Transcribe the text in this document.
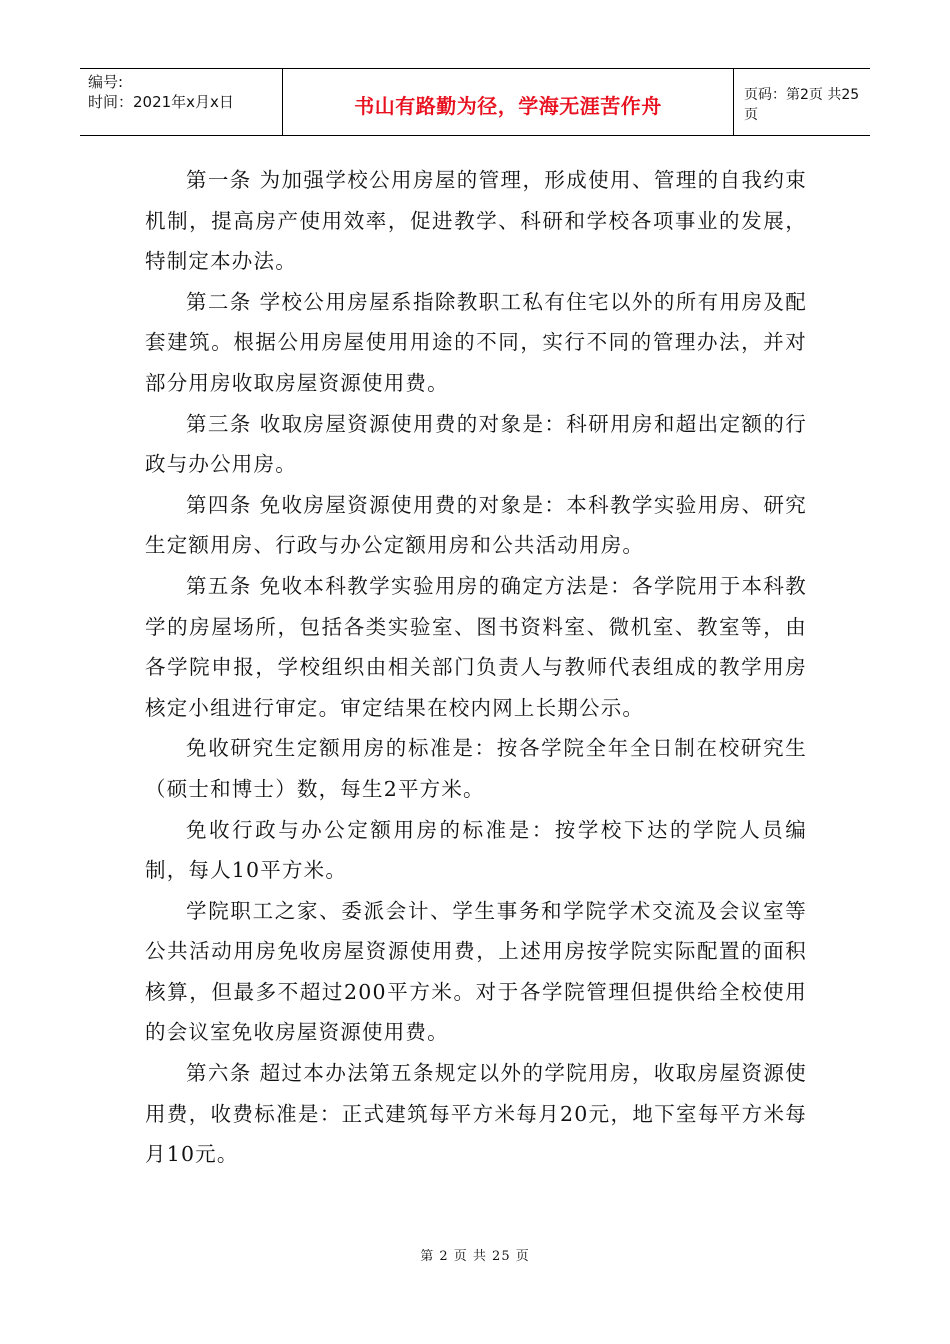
编号:
时间：2021年x月x日	书山有路勤为径，学海无涯苦作舟	页码：第2页 共25页

第一条 为加强学校公用房屋的管理，形成使用、管理的自我约束机制，提高房产使用效率，促进教学、科研和学校各项事业的发展，特制定本办法。

第二条 学校公用房屋系指除教职工私有住宅以外的所有用房及配套建筑。根据公用房屋使用用途的不同，实行不同的管理办法，并对部分用房收取房屋资源使用费。

第三条 收取房屋资源使用费的对象是：科研用房和超出定额的行政与办公用房。

第四条 免收房屋资源使用费的对象是：本科教学实验用房、研究生定额用房、行政与办公定额用房和公共活动用房。

第五条 免收本科教学实验用房的确定方法是：各学院用于本科教学的房屋场所，包括各类实验室、图书资料室、微机室、教室等，由各学院申报，学校组织由相关部门负责人与教师代表组成的教学用房核定小组进行审定。审定结果在校内网上长期公示。

免收研究生定额用房的标准是：按各学院全年全日制在校研究生（硕士和博士）数，每生2平方米。

免收行政与办公定额用房的标准是：按学校下达的学院人员编制，每人10平方米。

学院职工之家、委派会计、学生事务和学院学术交流及会议室等公共活动用房免收房屋资源使用费，上述用房按学院实际配置的面积核算，但最多不超过200平方米。对于各学院管理但提供给全校使用的会议室免收房屋资源使用费。

第六条 超过本办法第五条规定以外的学院用房，收取房屋资源使用费，收费标准是：正式建筑每平方米每月20元，地下室每平方米每月10元。

第 2 页 共 25 页
